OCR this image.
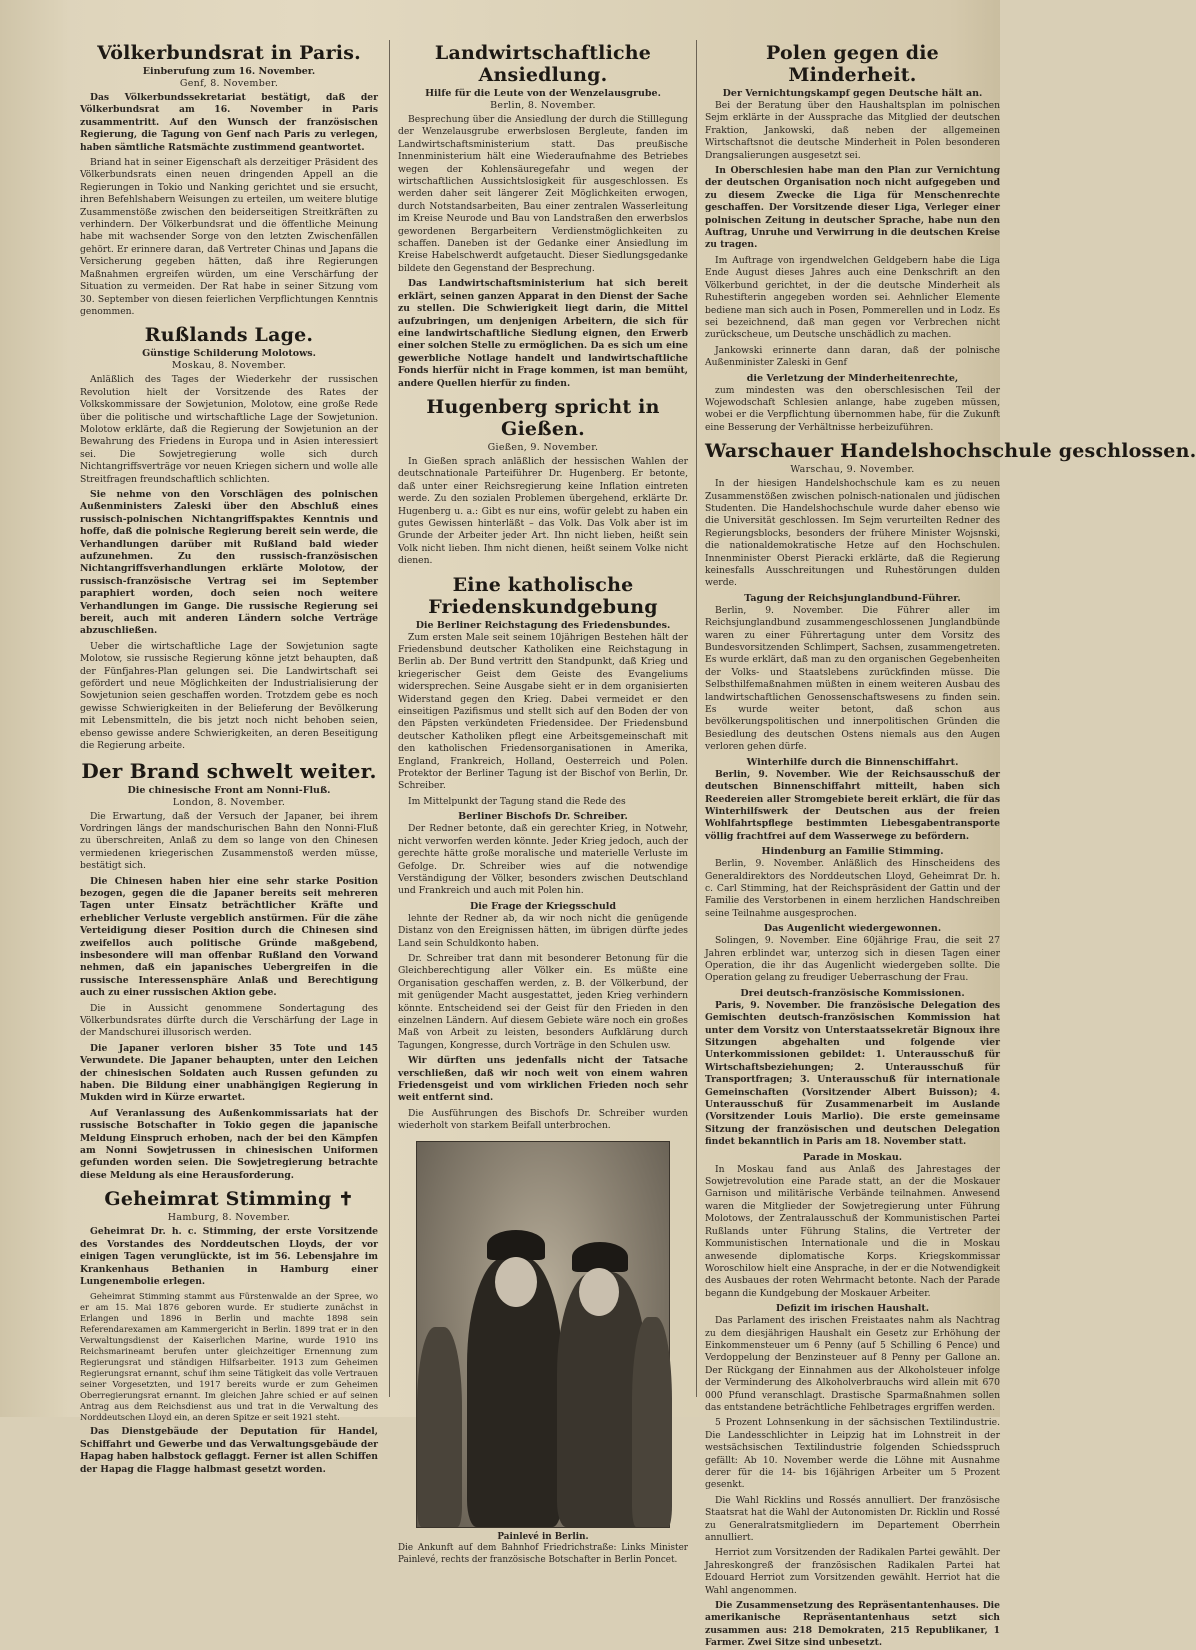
Völkerbundsrat in Paris.
Einberufung zum 16. November.
Genf, 8. November.

Das Völkerbundssekretariat bestätigt, daß der Völkerbundsrat am 16. November in Paris zusammentritt. Auf den Wunsch der französischen Regierung, die Tagung von Genf nach Paris zu verlegen, haben sämtliche Ratsmächte zustimmend geantwortet.

Briand hat in seiner Eigenschaft als derzeitiger Präsident des Völkerbundsrats einen neuen dringenden Appell an die Regierungen in Tokio und Nanking gerichtet und sie ersucht, ihren Befehlshabern Weisungen zu erteilen, um weitere blutige Zusammenstöße zwischen den beiderseitigen Streitkräften zu verhindern. Der Völkerbundsrat und die öffentliche Meinung habe mit wachsender Sorge von den letzten Zwischenfällen gehört. Er erinnere daran, daß Vertreter Chinas und Japans die Versicherung gegeben hätten, daß ihre Regierungen Maßnahmen ergreifen würden, um eine Verschärfung der Situation zu vermeiden. Der Rat habe in seiner Sitzung vom 30. September von diesen feierlichen Verpflichtungen Kenntnis genommen.

Rußlands Lage.
Günstige Schilderung Molotows.
Moskau, 8. November.

Anläßlich des Tages der Wiederkehr der russischen Revolution hielt der Vorsitzende des Rates der Volkskommissare der Sowjetunion, Molotow, eine große Rede über die politische und wirtschaftliche Lage der Sowjetunion. Molotow erklärte, daß die Regierung der Sowjetunion an der Bewahrung des Friedens in Europa und in Asien interessiert sei. Die Sowjetregierung wolle sich durch Nichtangriffsverträge vor neuen Kriegen sichern und wolle alle Streitfragen freundschaftlich schlichten.

Sie nehme von den Vorschlägen des polnischen Außenministers Zaleski über den Abschluß eines russisch-polnischen Nichtangriffspaktes Kenntnis und hoffe, daß die polnische Regierung bereit sein werde, die Verhandlungen darüber mit Rußland bald wieder aufzunehmen. Zu den russisch-französischen Nichtangriffsverhandlungen erklärte Molotow, der russisch-französische Vertrag sei im September paraphiert worden, doch seien noch weitere Verhandlungen im Gange. Die russische Regierung sei bereit, auch mit anderen Ländern solche Verträge abzuschließen.

Ueber die wirtschaftliche Lage der Sowjetunion sagte Molotow, sie russische Regierung könne jetzt behaupten, daß der Fünfjahres-Plan gelungen sei. Die Landwirtschaft sei gefördert und neue Möglichkeiten der Industrialisierung der Sowjetunion seien geschaffen worden. Trotzdem gebe es noch gewisse Schwierigkeiten in der Belieferung der Bevölkerung mit Lebensmitteln, die bis jetzt noch nicht behoben seien, ebenso gewisse andere Schwierigkeiten, an deren Beseitigung die Regierung arbeite.

Der Brand schwelt weiter.
Die chinesische Front am Nonni-Fluß.
London, 8. November.

Die Erwartung, daß der Versuch der Japaner, bei ihrem Vordringen längs der mandschurischen Bahn den Nonni-Fluß zu überschreiten, Anlaß zu dem so lange von den Chinesen vermiedenen kriegerischen Zusammenstoß werden müsse, bestätigt sich.

Die Chinesen haben hier eine sehr starke Position bezogen, gegen die die Japaner bereits seit mehreren Tagen unter Einsatz beträchtlicher Kräfte und erheblicher Verluste vergeblich anstürmen. Für die zähe Verteidigung dieser Position durch die Chinesen sind zweifellos auch politische Gründe maßgebend, insbesondere will man offenbar Rußland den Vorwand nehmen, daß ein japanisches Uebergreifen in die russische Interessensphäre Anlaß und Berechtigung auch zu einer russischen Aktion gebe.

Die in Aussicht genommene Sondertagung des Völkerbundsrates dürfte durch die Verschärfung der Lage in der Mandschurei illusorisch werden.

Die Japaner verloren bisher 35 Tote und 145 Verwundete. Die Japaner behaupten, unter den Leichen der chinesischen Soldaten auch Russen gefunden zu haben. Die Bildung einer unabhängigen Regierung in Mukden wird in Kürze erwartet.

Auf Veranlassung des Außenkommissariats hat der russische Botschafter in Tokio gegen die japanische Meldung Einspruch erhoben, nach der bei den Kämpfen am Nonni Sowjetrussen in chinesischen Uniformen gefunden worden seien. Die Sowjetregierung betrachte diese Meldung als eine Herausforderung.

Geheimrat Stimming ✝
Hamburg, 8. November.

Geheimrat Dr. h. c. Stimming, der erste Vorsitzende des Vorstandes des Norddeutschen Lloyds, der vor einigen Tagen verunglückte, ist im 56. Lebensjahre im Krankenhaus Bethanien in Hamburg einer Lungenembolie erlegen.

Geheimrat Stimming stammt aus Fürstenwalde an der Spree, wo er am 15. Mai 1876 geboren wurde. Er studierte zunächst in Erlangen und 1896 in Berlin und machte 1898 sein Referendarexamen am Kammergericht in Berlin. 1899 trat er in den Verwaltungsdienst der Kaiserlichen Marine, wurde 1910 ins Reichsmarineamt berufen unter gleichzeitiger Ernennung zum Regierungsrat und ständigen Hilfsarbeiter. 1913 zum Geheimen Regierungsrat ernannt, schuf ihm seine Tätigkeit das volle Vertrauen seiner Vorgesetzten, und 1917 bereits wurde er zum Geheimen Oberregierungsrat ernannt. Im gleichen Jahre schied er auf seinen Antrag aus dem Reichsdienst aus und trat in die Verwaltung des Norddeutschen Lloyd ein, an deren Spitze er seit 1921 steht.

Das Dienstgebäude der Deputation für Handel, Schiffahrt und Gewerbe und das Verwaltungsgebäude der Hapag haben halbstock geflaggt. Ferner ist allen Schiffen der Hapag die Flagge halbmast gesetzt worden.

Landwirtschaftliche Ansiedlung.
Hilfe für die Leute von der Wenzelausgrube.
Berlin, 8. November.

Besprechung über die Ansiedlung der durch die Stilllegung der Wenzelausgrube erwerbslosen Bergleute, fanden im Landwirtschaftsministerium statt. Das preußische Innenministerium hält eine Wiederaufnahme des Betriebes wegen der Kohlensäuregefahr und wegen der wirtschaftlichen Aussichtslosigkeit für ausgeschlossen. Es werden daher seit längerer Zeit Möglichkeiten erwogen, durch Notstandsarbeiten, Bau einer zentralen Wasserleitung im Kreise Neurode und Bau von Landstraßen den erwerbslos gewordenen Bergarbeitern Verdienstmöglichkeiten zu schaffen. Daneben ist der Gedanke einer Ansiedlung im Kreise Habelschwerdt aufgetaucht. Dieser Siedlungsgedanke bildete den Gegenstand der Besprechung.

Das Landwirtschaftsministerium hat sich bereit erklärt, seinen ganzen Apparat in den Dienst der Sache zu stellen. Die Schwierigkeit liegt darin, die Mittel aufzubringen, um denjenigen Arbeitern, die sich für eine landwirtschaftliche Siedlung eignen, den Erwerb einer solchen Stelle zu ermöglichen. Da es sich um eine gewerbliche Notlage handelt und landwirtschaftliche Fonds hierfür nicht in Frage kommen, ist man bemüht, andere Quellen hierfür zu finden.

Hugenberg spricht in Gießen.
Gießen, 9. November.

In Gießen sprach anläßlich der hessischen Wahlen der deutschnationale Parteiführer Dr. Hugenberg. Er betonte, daß unter einer Reichsregierung keine Inflation eintreten werde. Zu den sozialen Problemen übergehend, erklärte Dr. Hugenberg u. a.: Gibt es nur eins, wofür gelebt zu haben ein gutes Gewissen hinterläßt – das Volk. Das Volk aber ist im Grunde der Arbeiter jeder Art. Ihn nicht lieben, heißt sein Volk nicht lieben. Ihm nicht dienen, heißt seinem Volke nicht dienen.

Eine katholische Friedenskundgebung
Die Berliner Reichstagung des Friedensbundes.

Zum ersten Male seit seinem 10jährigen Bestehen hält der Friedensbund deutscher Katholiken eine Reichstagung in Berlin ab. Der Bund vertritt den Standpunkt, daß Krieg und kriegerischer Geist dem Geiste des Evangeliums widersprechen. Seine Ausgabe sieht er in dem organisierten Widerstand gegen den Krieg. Dabei vermeidet er den einseitigen Pazifismus und stellt sich auf den Boden der von den Päpsten verkündeten Friedensidee. Der Friedensbund deutscher Katholiken pflegt eine Arbeitsgemeinschaft mit den katholischen Friedensorganisationen in Amerika, England, Frankreich, Holland, Oesterreich und Polen. Protektor der Berliner Tagung ist der Bischof von Berlin, Dr. Schreiber.

Im Mittelpunkt der Tagung stand die Rede des

Berliner Bischofs Dr. Schreiber.

Der Redner betonte, daß ein gerechter Krieg, in Notwehr, nicht verworfen werden könnte. Jeder Krieg jedoch, auch der gerechte hätte große moralische und materielle Verluste im Gefolge. Dr. Schreiber wies auf die notwendige Verständigung der Völker, besonders zwischen Deutschland und Frankreich und auch mit Polen hin.

Die Frage der Kriegsschuld

lehnte der Redner ab, da wir noch nicht die genügende Distanz von den Ereignissen hätten, im übrigen dürfte jedes Land sein Schuldkonto haben.

Dr. Schreiber trat dann mit besonderer Betonung für die Gleichberechtigung aller Völker ein. Es müßte eine Organisation geschaffen werden, z. B. der Völkerbund, der mit genügender Macht ausgestattet, jeden Krieg verhindern könnte. Entscheidend sei der Geist für den Frieden in den einzelnen Ländern. Auf diesem Gebiete wäre noch ein großes Maß von Arbeit zu leisten, besonders Aufklärung durch Tagungen, Kongresse, durch Vorträge in den Schulen usw.

Wir dürften uns jedenfalls nicht der Tatsache verschließen, daß wir noch weit von einem wahren Friedensgeist und vom wirklichen Frieden noch sehr weit entfernt sind.

Die Ausführungen des Bischofs Dr. Schreiber wurden wiederholt von starkem Beifall unterbrochen.

Painlevé in Berlin.
Die Ankunft auf dem Bahnhof Friedrichstraße: Links Minister Painlevé, rechts der französische Botschafter in Berlin Poncet.

Polen gegen die Minderheit.
Der Vernichtungskampf gegen Deutsche hält an.

Bei der Beratung über den Haushaltsplan im polnischen Sejm erklärte in der Aussprache das Mitglied der deutschen Fraktion, Jankowski, daß neben der allgemeinen Wirtschaftsnot die deutsche Minderheit in Polen besonderen Drangsalierungen ausgesetzt sei.

In Oberschlesien habe man den Plan zur Vernichtung der deutschen Organisation noch nicht aufgegeben und zu diesem Zwecke die Liga für Menschenrechte geschaffen. Der Vorsitzende dieser Liga, Verleger einer polnischen Zeitung in deutscher Sprache, habe nun den Auftrag, Unruhe und Verwirrung in die deutschen Kreise zu tragen.

Im Auftrage von irgendwelchen Geldgebern habe die Liga Ende August dieses Jahres auch eine Denkschrift an den Völkerbund gerichtet, in der die deutsche Minderheit als Ruhestifterin angegeben worden sei. Aehnlicher Elemente bediene man sich auch in Posen, Pommerellen und in Lodz. Es sei bezeichnend, daß man gegen vor Verbrechen nicht zurückscheue, um Deutsche unschädlich zu machen.

Jankowski erinnerte dann daran, daß der polnische Außenminister Zaleski in Genf

die Verletzung der Minderheitenrechte,

zum mindesten was den oberschlesischen Teil der Wojewodschaft Schlesien anlange, habe zugeben müssen, wobei er die Verpflichtung übernommen habe, für die Zukunft eine Besserung der Verhältnisse herbeizuführen.

Warschauer Handelshochschule geschlossen.
Warschau, 9. November.

In der hiesigen Handelshochschule kam es zu neuen Zusammenstößen zwischen polnisch-nationalen und jüdischen Studenten. Die Handelshochschule wurde daher ebenso wie die Universität geschlossen. Im Sejm verurteilten Redner des Regierungsblocks, besonders der frühere Minister Wojsnski, die nationaldemokratische Hetze auf den Hochschulen. Innenminister Oberst Pieracki erklärte, daß die Regierung keinesfalls Ausschreitungen und Ruhestörungen dulden werde.

Tagung der Reichsjunglandbund-Führer.

Berlin, 9. November. Die Führer aller im Reichsjunglandbund zusammengeschlossenen Junglandbünde waren zu einer Führertagung unter dem Vorsitz des Bundesvorsitzenden Schlimpert, Sachsen, zusammengetreten. Es wurde erklärt, daß man zu den organischen Gegebenheiten der Volks- und Staatslebens zurückfinden müsse. Die Selbsthilfemaßnahmen müßten in einem weiteren Ausbau des landwirtschaftlichen Genossenschaftswesens zu finden sein. Es wurde weiter betont, daß schon aus bevölkerungspolitischen und innerpolitischen Gründen die Besiedlung des deutschen Ostens niemals aus den Augen verloren gehen dürfe.

Winterhilfe durch die Binnenschiffahrt.

Berlin, 9. November. Wie der Reichsausschuß der deutschen Binnenschiffahrt mitteilt, haben sich Reedereien aller Stromgebiete bereit erklärt, die für das Winterhilfswerk der Deutschen aus der freien Wohlfahrtspflege bestimmten Liebesgabentransporte völlig frachtfrei auf dem Wasserwege zu befördern.

Hindenburg an Familie Stimming.

Berlin, 9. November. Anläßlich des Hinscheidens des Generaldirektors des Norddeutschen Lloyd, Geheimrat Dr. h. c. Carl Stimming, hat der Reichspräsident der Gattin und der Familie des Verstorbenen in einem herzlichen Handschreiben seine Teilnahme ausgesprochen.

Das Augenlicht wiedergewonnen.

Solingen, 9. November. Eine 60jährige Frau, die seit 27 Jahren erblindet war, unterzog sich in diesen Tagen einer Operation, die ihr das Augenlicht wiedergeben sollte. Die Operation gelang zu freudiger Ueberraschung der Frau.

Drei deutsch-französische Kommissionen.

Paris, 9. November. Die französische Delegation des Gemischten deutsch-französischen Kommission hat unter dem Vorsitz von Unterstaatssekretär Bignoux ihre Sitzungen abgehalten und folgende vier Unterkommissionen gebildet: 1. Unterausschuß für Wirtschaftsbeziehungen; 2. Unterausschuß für Transportfragen; 3. Unterausschuß für internationale Gemeinschaften (Vorsitzender Albert Buisson); 4. Unterausschuß für Zusammenarbeit im Auslande (Vorsitzender Louis Marlio). Die erste gemeinsame Sitzung der französischen und deutschen Delegation findet bekanntlich in Paris am 18. November statt.

Parade in Moskau.

In Moskau fand aus Anlaß des Jahrestages der Sowjetrevolution eine Parade statt, an der die Moskauer Garnison und militärische Verbände teilnahmen. Anwesend waren die Mitglieder der Sowjetregierung unter Führung Molotows, der Zentralausschuß der Kommunistischen Partei Rußlands unter Führung Stalins, die Vertreter der Kommunistischen Internationale und die in Moskau anwesende diplomatische Korps. Kriegskommissar Woroschilow hielt eine Ansprache, in der er die Notwendigkeit des Ausbaues der roten Wehrmacht betonte. Nach der Parade begann die Kundgebung der Moskauer Arbeiter.

Defizit im irischen Haushalt.

Das Parlament des irischen Freistaates nahm als Nachtrag zu dem diesjährigen Haushalt ein Gesetz zur Erhöhung der Einkommensteuer um 6 Penny (auf 5 Schilling 6 Pence) und Verdoppelung der Benzinsteuer auf 8 Penny per Gallone an. Der Rückgang der Einnahmen aus der Alkoholsteuer infolge der Verminderung des Alkoholverbrauchs wird allein mit 670 000 Pfund veranschlagt. Drastische Sparmaßnahmen sollen das entstandene beträchtliche Fehlbetrages ergriffen werden.

5 Prozent Lohnsenkung in der sächsischen Textilindustrie. Die Landesschlichter in Leipzig hat im Lohnstreit in der westsächsischen Textilindustrie folgenden Schiedsspruch gefällt: Ab 10. November werde die Löhne mit Ausnahme derer für die 14- bis 16jährigen Arbeiter um 5 Prozent gesenkt.

Die Wahl Ricklins und Rossés annulliert. Der französische Staatsrat hat die Wahl der Autonomisten Dr. Ricklin und Rossé zu Generalratsmitgliedern im Departement Oberrhein annulliert.

Herriot zum Vorsitzenden der Radikalen Partei gewählt. Der Jahreskongreß der französischen Radikalen Partei hat Edouard Herriot zum Vorsitzenden gewählt. Herriot hat die Wahl angenommen.

Die Zusammensetzung des Repräsentantenhauses. Die amerikanische Repräsentantenhaus setzt sich zusammen aus: 218 Demokraten, 215 Republikaner, 1 Farmer. Zwei Sitze sind unbesetzt.
